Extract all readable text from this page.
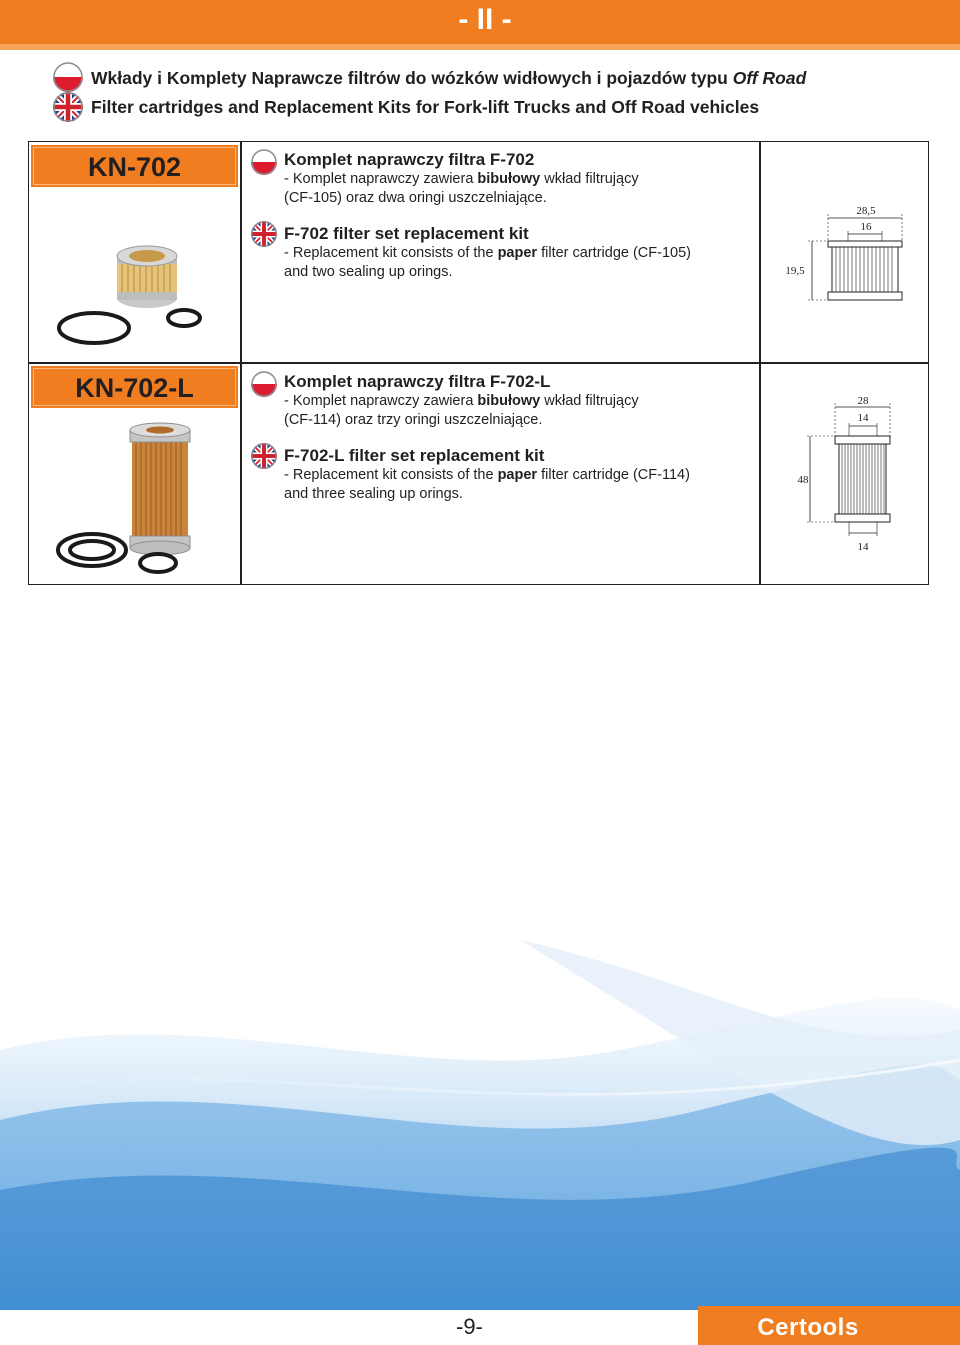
- II -
Wkłady i Komplety Naprawcze filtrów do wózków widłowych i pojazdów typu Off Road
Filter cartridges and Replacement Kits for Fork-lift Trucks and Off Road vehicles
KN-702	Komplet naprawczy filtra F-702
- Komplet naprawczy zawiera bibułowy wkład filtrujący
(CF-105) oraz dwa oringi uszczelniające.
F-702 filter set replacement kit
- Replacement kit consists of the paper filter cartridge (CF-105)
and two sealing up orings.
28,5
16
19,5
KN-702-L	Komplet naprawczy filtra F-702-L
- Komplet naprawczy zawiera bibułowy wkład filtrujący
(CF-114) oraz trzy oringi uszczelniające.
F-702-L filter set replacement kit
- Replacement kit consists of the paper filter cartridge (CF-114)
and three sealing up orings.
28
14
48
14
-9-	Certools
